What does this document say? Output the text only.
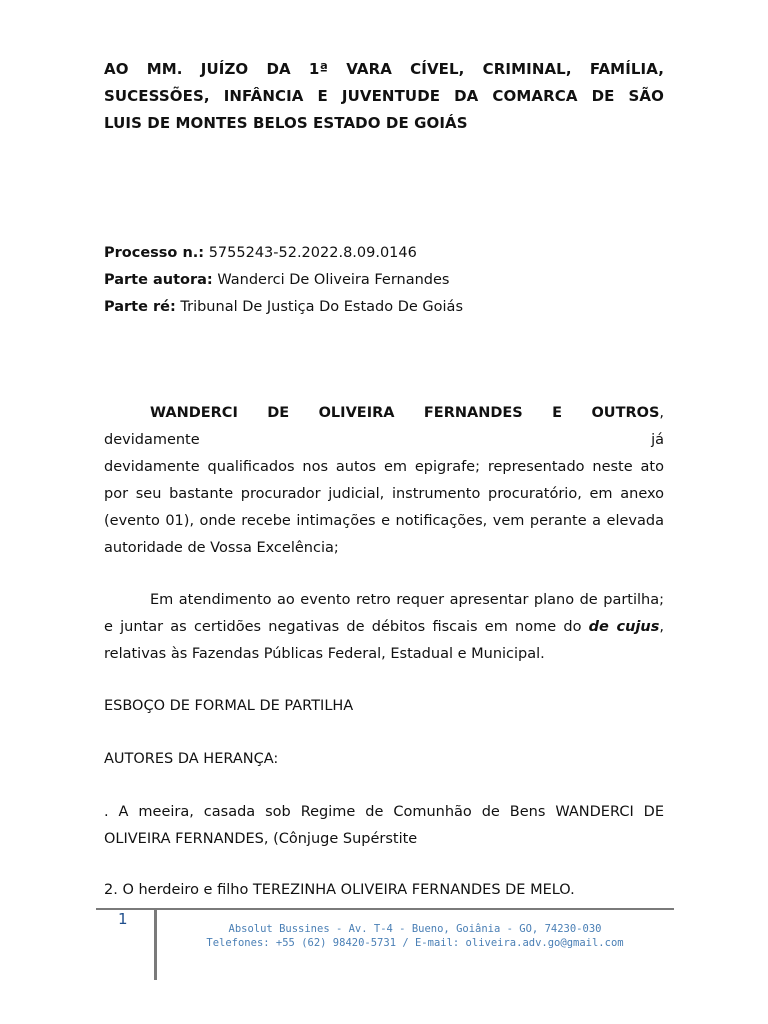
AO MM. JUÍZO DA 1ª VARA CÍVEL, CRIMINAL, FAMÍLIA,
SUCESSÕES, INFÂNCIA E JUVENTUDE DA COMARCA DE SÃO
LUIS DE MONTES BELOS ESTADO DE GOIÁS
Processo n.: 5755243-52.2022.8.09.0146
Parte autora: Wanderci De Oliveira Fernandes
Parte ré: Tribunal De Justiça Do Estado De Goiás
WANDERCI DE OLIVEIRA FERNANDES E OUTROS,
devidamente já
devidamente qualificados nos autos em epigrafe; representado neste ato por seu bastante procurador judicial, instrumento procuratório, em anexo (evento 01), onde recebe intimações e notificações, vem perante a elevada autoridade de Vossa Excelência;
Em atendimento ao evento retro requer apresentar plano de partilha; e juntar as certidões negativas de débitos fiscais em nome do de cujus, relativas às Fazendas Públicas Federal, Estadual e Municipal.
ESBOÇO DE FORMAL DE PARTILHA
AUTORES DA HERANÇA:
. A meeira, casada sob Regime de Comunhão de Bens WANDERCI DE OLIVEIRA FERNANDES, (Cônjuge Supérstite
2. O herdeiro e filho TEREZINHA OLIVEIRA FERNANDES DE MELO.
1
Absolut Bussines - Av. T-4 - Bueno, Goiânia - GO, 74230-030
Telefones: +55 (62) 98420-5731 / E-mail: oliveira.adv.go@gmail.com
